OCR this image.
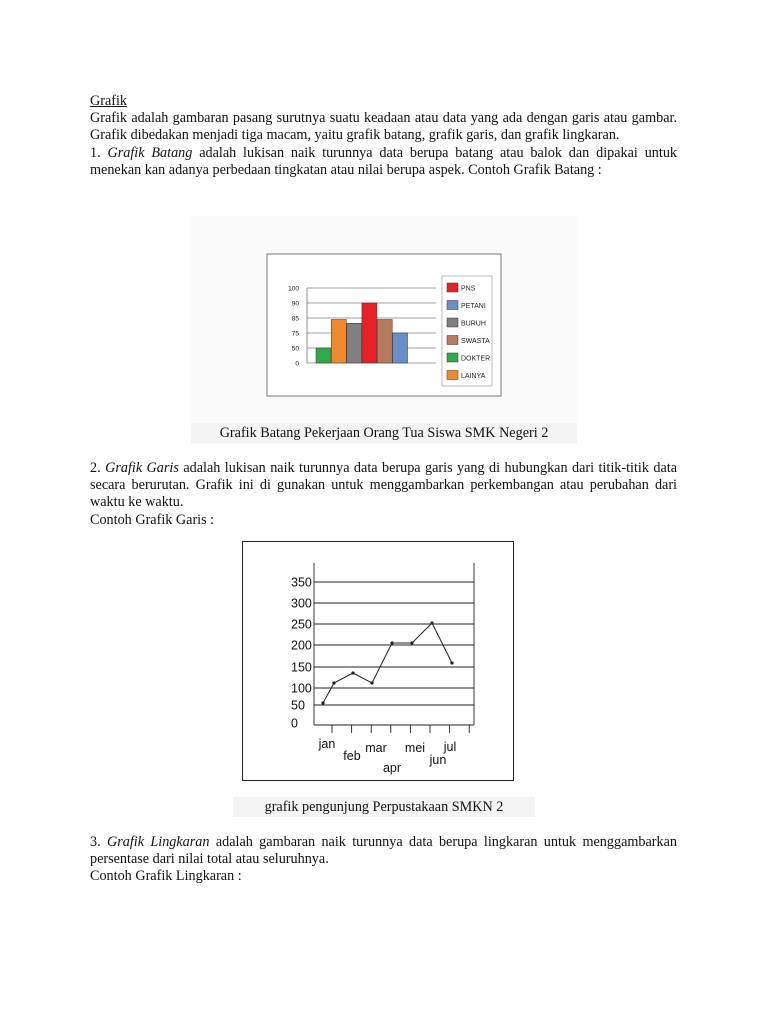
Grafik

Grafik adalah gambaran pasang surutnya suatu keadaan atau data yang ada dengan garis atau gambar. Grafik dibedakan menjadi tiga macam, yaitu grafik batang, grafik garis, dan grafik lingkaran.

1. Grafik Batang adalah lukisan naik turunnya data berupa batang atau balok dan dipakai untuk menekan kan adanya perbedaan tingkatan atau nilai berupa aspek. Contoh Grafik Batang :

0
50
75
85
90
100	PNS
PETANI
BURUH
SWASTA
DOKTER
LAINYA
Grafik Batang Pekerjaan Orang Tua Siswa SMK Negeri 2

2. Grafik Garis adalah lukisan naik turunnya data berupa garis yang di hubungkan dari titik-titik data secara berurutan. Grafik ini di gunakan untuk menggambarkan perkembangan atau perubahan dari waktu ke waktu.

Contoh Grafik Garis :

0
50
100
150
200
250
300
350
jan
feb
mar
apr
mei
jun
jul
grafik pengunjung Perpustakaan SMKN 2

3. Grafik Lingkaran adalah gambaran naik turunnya data berupa lingkaran untuk menggambarkan persentase dari nilai total atau seluruhnya.

Contoh Grafik Lingkaran :
